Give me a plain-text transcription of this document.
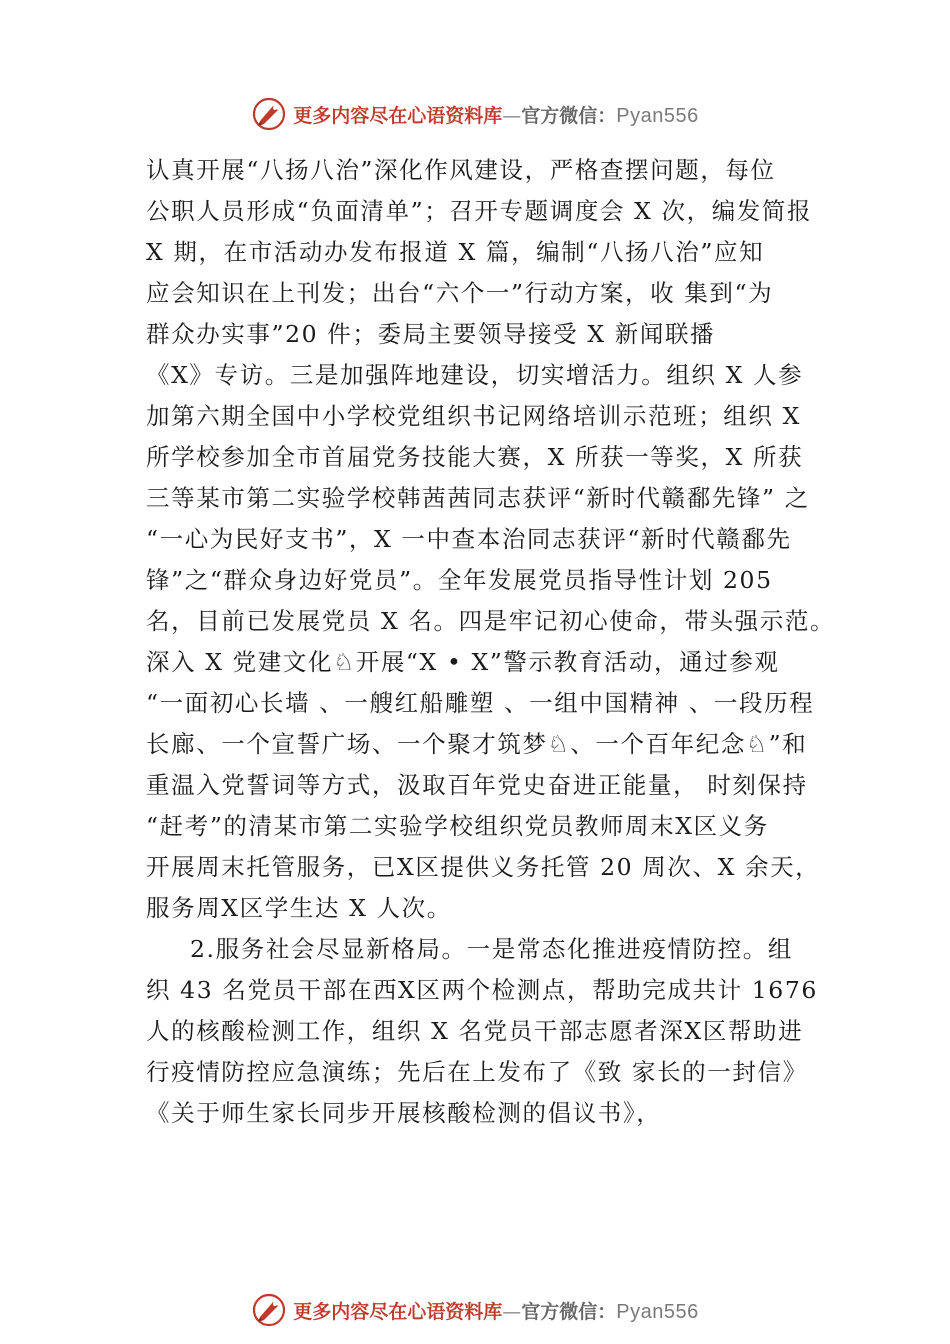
更多内容尽在心语资料库 — 官方微信： Pyan556
认真开展“八扬八治”深化作风建设，严格查摆问题，每位
公职人员形成“负面清单”；召开专题调度会 X 次，编发简报
X 期，在市活动办发布报道 X 篇，编制“八扬八治”应知
应会知识在上刊发；出台“六个一”行动方案，收 集到“为
群众办实事”20 件；委局主要领导接受 X 新闻联播
《X》专访。三是加强阵地建设，切实增活力。组织 X 人参
加第六期全国中小学校党组织书记网络培训示范班；组织 X
所学校参加全市首届党务技能大赛，X 所获一等奖，X 所获
三等某市第二实验学校韩茜茜同志获评“新时代赣鄱先锋” 之
“一心为民好支书”，X 一中查本治同志获评“新时代赣鄱先
锋”之“群众身边好党员”。全年发展党员指导性计划 205
名，目前已发展党员 X 名。四是牢记初心使命，带头强示范。
深入 X 党建文化♘开展“X • X”警示教育活动，通过参观
“一面初心长墙 、一艘红船雕塑 、一组中国精神 、一段历程
长廊、一个宣誓广场、一个聚才筑梦♘、一个百年纪念♘”和
重温入党誓词等方式，汲取百年党史奋进正能量， 时刻保持
“赶考”的清某市第二实验学校组织党员教师周末Ⅹ区义务
开展周末托管服务，已Ⅹ区提供义务托管 20 周次、X 余天，
服务周Ⅹ区学生达 X 人次。
2.服务社会尽显新格局。一是常态化推进疫情防控。组
织 43 名党员干部在西Ⅹ区两个检测点，帮助完成共计 1676
人的核酸检测工作，组织 X 名党员干部志愿者深Ⅹ区帮助进
行疫情防控应急演练；先后在上发布了《致 家长的一封信》
《关于师生家长同步开展核酸检测的倡议书》，
更多内容尽在心语资料库 — 官方微信： Pyan556
